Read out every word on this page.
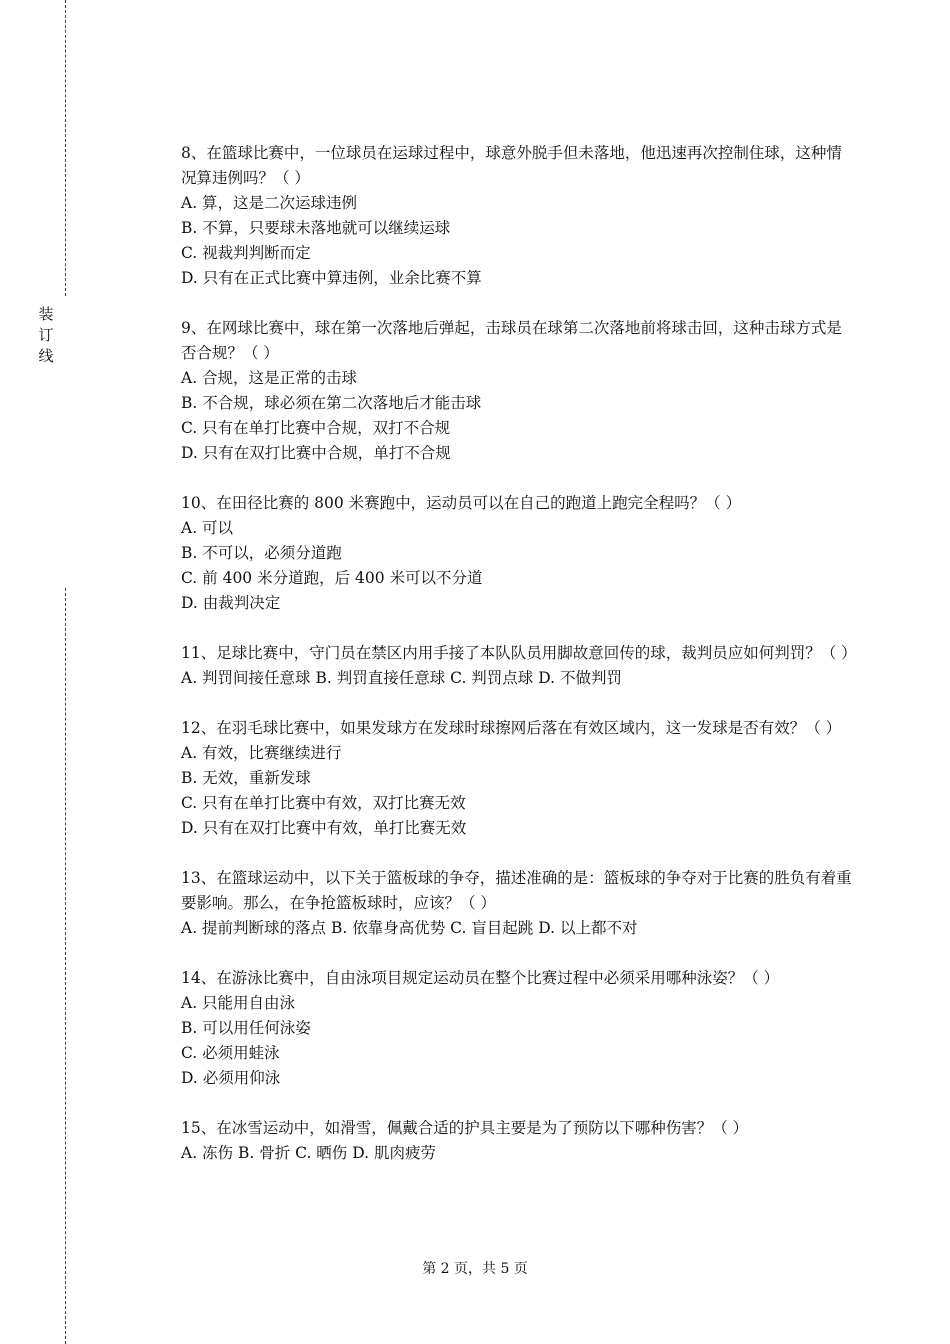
装
订
线

8、在篮球比赛中，一位球员在运球过程中，球意外脱手但未落地，他迅速再次控制住球，这种情况算违例吗？（ ）

A. 算，这是二次运球违例

B. 不算，只要球未落地就可以继续运球

C. 视裁判判断而定

D. 只有在正式比赛中算违例，业余比赛不算

9、在网球比赛中，球在第一次落地后弹起，击球员在球第二次落地前将球击回，这种击球方式是否合规？（ ）

A. 合规，这是正常的击球

B. 不合规，球必须在第二次落地后才能击球

C. 只有在单打比赛中合规，双打不合规

D. 只有在双打比赛中合规，单打不合规

10、在田径比赛的 800 米赛跑中，运动员可以在自己的跑道上跑完全程吗？（ ）

A. 可以

B. 不可以，必须分道跑

C. 前 400 米分道跑，后 400 米可以不分道

D. 由裁判决定

11、足球比赛中，守门员在禁区内用手接了本队队员用脚故意回传的球，裁判员应如何判罚？（ ）

A. 判罚间接任意球 B. 判罚直接任意球 C. 判罚点球 D. 不做判罚

12、在羽毛球比赛中，如果发球方在发球时球擦网后落在有效区域内，这一发球是否有效？（ ）

A. 有效，比赛继续进行

B. 无效，重新发球

C. 只有在单打比赛中有效，双打比赛无效

D. 只有在双打比赛中有效，单打比赛无效

13、在篮球运动中，以下关于篮板球的争夺，描述准确的是：篮板球的争夺对于比赛的胜负有着重要影响。那么，在争抢篮板球时，应该？（ ）

A. 提前判断球的落点 B. 依靠身高优势 C. 盲目起跳 D. 以上都不对

14、在游泳比赛中，自由泳项目规定运动员在整个比赛过程中必须采用哪种泳姿？（ ）

A. 只能用自由泳

B. 可以用任何泳姿

C. 必须用蛙泳

D. 必须用仰泳

15、在冰雪运动中，如滑雪，佩戴合适的护具主要是为了预防以下哪种伤害？（ ）

A. 冻伤 B. 骨折 C. 晒伤 D. 肌肉疲劳

第 2 页，共 5 页
